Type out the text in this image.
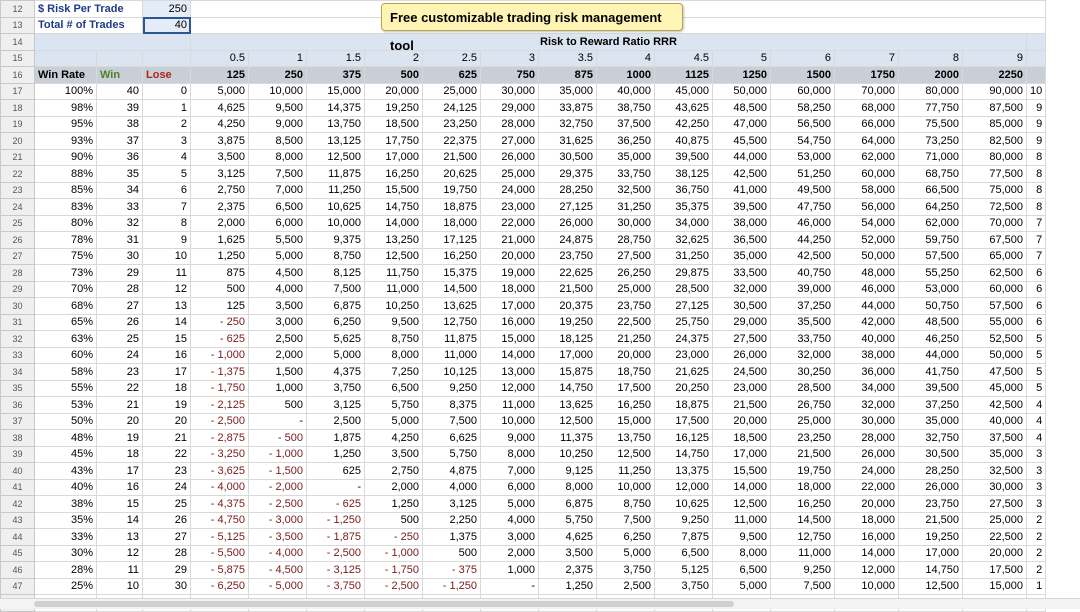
12	$ Risk Per Trade		250															
13	Total # of Trades		40															
14				Risk to Reward Ratio RRR														
15				0.5	1	1.5	2	2.5	3	3.5	4	4.5	5	6	7	8	9	
16	Win Rate	Win	Lose	125	250	375	500	625	750	875	1000	1125	1250	1500	1750	2000	2250	
17	100%	40	0	5,000	10,000	15,000	20,000	25,000	30,000	35,000	40,000	45,000	50,000	60,000	70,000	80,000	90,000	10
18	98%	39	1	4,625	9,500	14,375	19,250	24,125	29,000	33,875	38,750	43,625	48,500	58,250	68,000	77,750	87,500	9
19	95%	38	2	4,250	9,000	13,750	18,500	23,250	28,000	32,750	37,500	42,250	47,000	56,500	66,000	75,500	85,000	9
20	93%	37	3	3,875	8,500	13,125	17,750	22,375	27,000	31,625	36,250	40,875	45,500	54,750	64,000	73,250	82,500	9
21	90%	36	4	3,500	8,000	12,500	17,000	21,500	26,000	30,500	35,000	39,500	44,000	53,000	62,000	71,000	80,000	8
22	88%	35	5	3,125	7,500	11,875	16,250	20,625	25,000	29,375	33,750	38,125	42,500	51,250	60,000	68,750	77,500	8
23	85%	34	6	2,750	7,000	11,250	15,500	19,750	24,000	28,250	32,500	36,750	41,000	49,500	58,000	66,500	75,000	8
24	83%	33	7	2,375	6,500	10,625	14,750	18,875	23,000	27,125	31,250	35,375	39,500	47,750	56,000	64,250	72,500	8
25	80%	32	8	2,000	6,000	10,000	14,000	18,000	22,000	26,000	30,000	34,000	38,000	46,000	54,000	62,000	70,000	7
26	78%	31	9	1,625	5,500	9,375	13,250	17,125	21,000	24,875	28,750	32,625	36,500	44,250	52,000	59,750	67,500	7
27	75%	30	10	1,250	5,000	8,750	12,500	16,250	20,000	23,750	27,500	31,250	35,000	42,500	50,000	57,500	65,000	7
28	73%	29	11	875	4,500	8,125	11,750	15,375	19,000	22,625	26,250	29,875	33,500	40,750	48,000	55,250	62,500	6
29	70%	28	12	500	4,000	7,500	11,000	14,500	18,000	21,500	25,000	28,500	32,000	39,000	46,000	53,000	60,000	6
30	68%	27	13	125	3,500	6,875	10,250	13,625	17,000	20,375	23,750	27,125	30,500	37,250	44,000	50,750	57,500	6
31	65%	26	14	- 250	3,000	6,250	9,500	12,750	16,000	19,250	22,500	25,750	29,000	35,500	42,000	48,500	55,000	6
32	63%	25	15	- 625	2,500	5,625	8,750	11,875	15,000	18,125	21,250	24,375	27,500	33,750	40,000	46,250	52,500	5
33	60%	24	16	- 1,000	2,000	5,000	8,000	11,000	14,000	17,000	20,000	23,000	26,000	32,000	38,000	44,000	50,000	5
34	58%	23	17	- 1,375	1,500	4,375	7,250	10,125	13,000	15,875	18,750	21,625	24,500	30,250	36,000	41,750	47,500	5
35	55%	22	18	- 1,750	1,000	3,750	6,500	9,250	12,000	14,750	17,500	20,250	23,000	28,500	34,000	39,500	45,000	5
36	53%	21	19	- 2,125	500	3,125	5,750	8,375	11,000	13,625	16,250	18,875	21,500	26,750	32,000	37,250	42,500	4
37	50%	20	20	- 2,500	-	2,500	5,000	7,500	10,000	12,500	15,000	17,500	20,000	25,000	30,000	35,000	40,000	4
38	48%	19	21	- 2,875	- 500	1,875	4,250	6,625	9,000	11,375	13,750	16,125	18,500	23,250	28,000	32,750	37,500	4
39	45%	18	22	- 3,250	- 1,000	1,250	3,500	5,750	8,000	10,250	12,500	14,750	17,000	21,500	26,000	30,500	35,000	3
40	43%	17	23	- 3,625	- 1,500	625	2,750	4,875	7,000	9,125	11,250	13,375	15,500	19,750	24,000	28,250	32,500	3
41	40%	16	24	- 4,000	- 2,000	-	2,000	4,000	6,000	8,000	10,000	12,000	14,000	18,000	22,000	26,000	30,000	3
42	38%	15	25	- 4,375	- 2,500	- 625	1,250	3,125	5,000	6,875	8,750	10,625	12,500	16,250	20,000	23,750	27,500	3
43	35%	14	26	- 4,750	- 3,000	- 1,250	500	2,250	4,000	5,750	7,500	9,250	11,000	14,500	18,000	21,500	25,000	2
44	33%	13	27	- 5,125	- 3,500	- 1,875	- 250	1,375	3,000	4,625	6,250	7,875	9,500	12,750	16,000	19,250	22,500	2
45	30%	12	28	- 5,500	- 4,000	- 2,500	- 1,000	500	2,000	3,500	5,000	6,500	8,000	11,000	14,000	17,000	20,000	2
46	28%	11	29	- 5,875	- 4,500	- 3,125	- 1,750	- 375	1,000	2,375	3,750	5,125	6,500	9,250	12,000	14,750	17,500	2
47	25%	10	30	- 6,250	- 5,000	- 3,750	- 2,500	- 1,250	-	1,250	2,500	3,750	5,000	7,500	10,000	12,500	15,000	1

Free customizable trading risk management tool
